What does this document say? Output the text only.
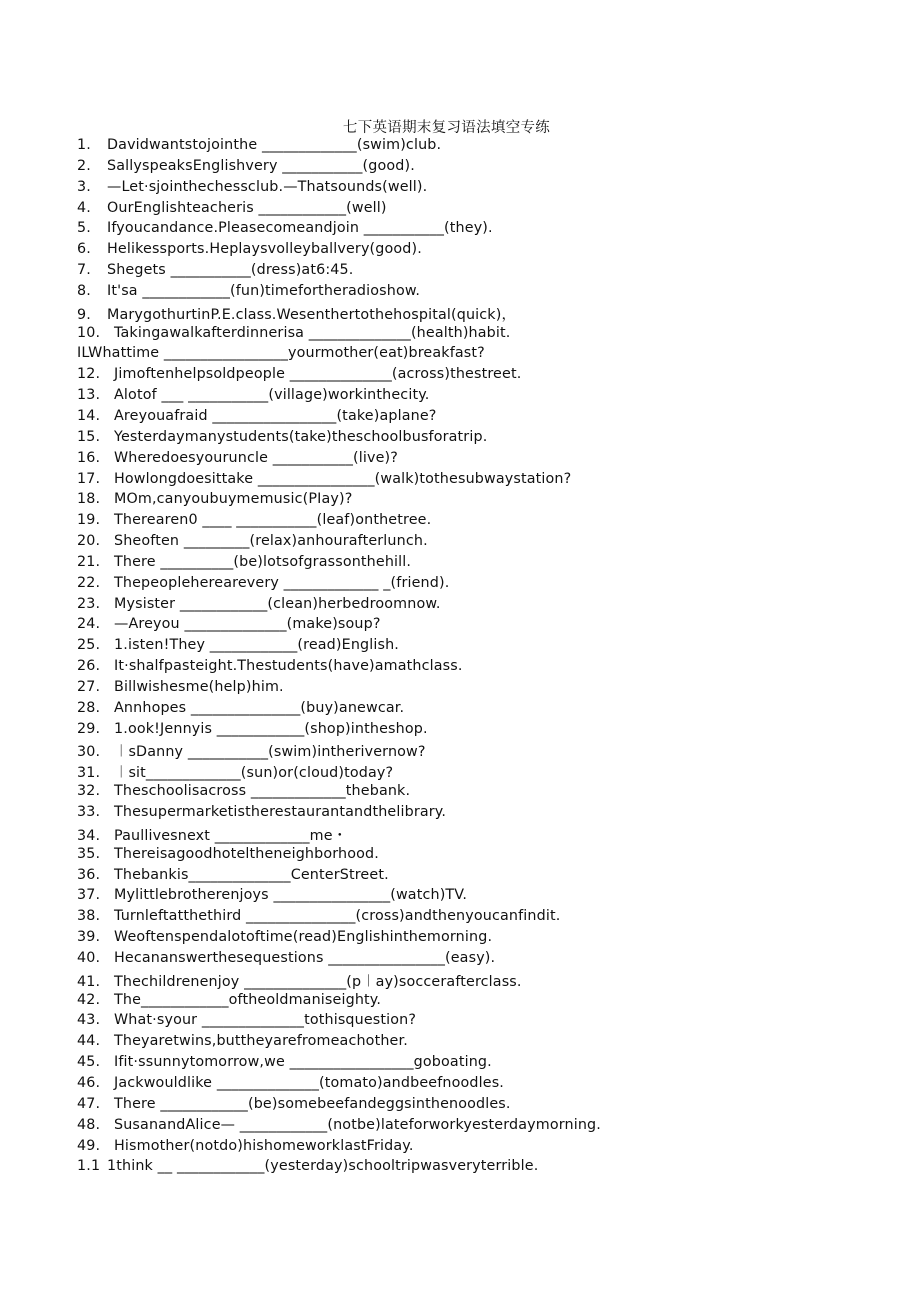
七下英语期末复习语法填空专练
1.	Davidwantstojointhe _____________(swim)club.
2.	SallyspeaksEnglishvery ___________(good).
3.	—Let·sjointhechessclub.—Thatsounds(well).
4.	OurEnglishteacheris ____________(well)
5.	Ifyoucandance.Pleasecomeandjoin ___________(they).
6.	Helikessports.Heplaysvolleyballvery(good).
7.	Shegets ___________(dress)at6:45.
8.	It'sa ____________(fun)timefortheradioshow.
9.	MarygothurtinP.E.class.Wesenthertothehospital(quick)，
10. Takingawalkafterdinnerisa ______________(health)habit.
ILWhattime _________________yourmother(eat)breakfast?
12. Jimoftenhelpsoldpeople ______________(across)thestreet.
13. Alotof ___ ___________(village)workinthecity.
14. Areyouafraid _________________(take)aplane?
15. Yesterdaymanystudents(take)theschoolbusforatrip.
16. Wheredoesyouruncle ___________(live)?
17. Howlongdoesittake ________________(walk)tothesubwaystation?
18. MOm,canyoubuymemusic(PIay)?
19. Therearen0 ____ ___________(leaf)onthetree.
20. Sheoften _________(relax)anhourafterlunch.
21. There __________(be)lotsofgrassonthehill.
22. Thepeopleherearevery _____________ _(friend).
23. Mysister ____________(clean)herbedroomnow.
24. —Areyou ______________(make)soup?
25. 1.isten!They ____________(read)English.
26. It·shalfpasteight.Thestudents(have)amathclass.
27. Billwishesme(help)him.
28. Annhopes _______________(buy)anewcar.
29. 1.ook!Jennyis ____________(shop)intheshop.
30. ︱sDanny ___________(swim)intherivernow?
31. ︱sit_____________(sun)or(cloud)today?
32. Theschoolisacross _____________thebank.
33. Thesupermarketistherestaurantandthelibrary.
34. Paullivesnext _____________me・
35. Thereisagoodhoteltheneighborhood.
36. Thebankis______________CenterStreet.
37. Mylittlebrotherenjoys ________________(watch)TV.
38. Turnleftatthethird _______________(cross)andthenyoucanfindit.
39. Weoftenspendalotoftime(read)Englishinthemorning.
40. Hecananswerthesequestions ________________(easy).
41. Thechildrenenjoy ______________(p︱ay)soccerafterclass.
42. The____________oftheoldmaniseighty.
43. What·syour ______________tothisquestion?
44. Theyaretwins,buttheyarefromeachother.
45. Ifit·ssunnytomorrow,we _________________goboating.
46. Jackwouldlike ______________(tomato)andbeefnoodles.
47. There ____________(be)somebeefandeggsinthenoodles.
48. SusanandAlice— ____________(notbe)lateforworkyesterdaymorning.
49. Hismother(notdo)hishomeworklastFriday.
1.1 1think __ ____________(yesterday)schooltripwasveryterrible.
